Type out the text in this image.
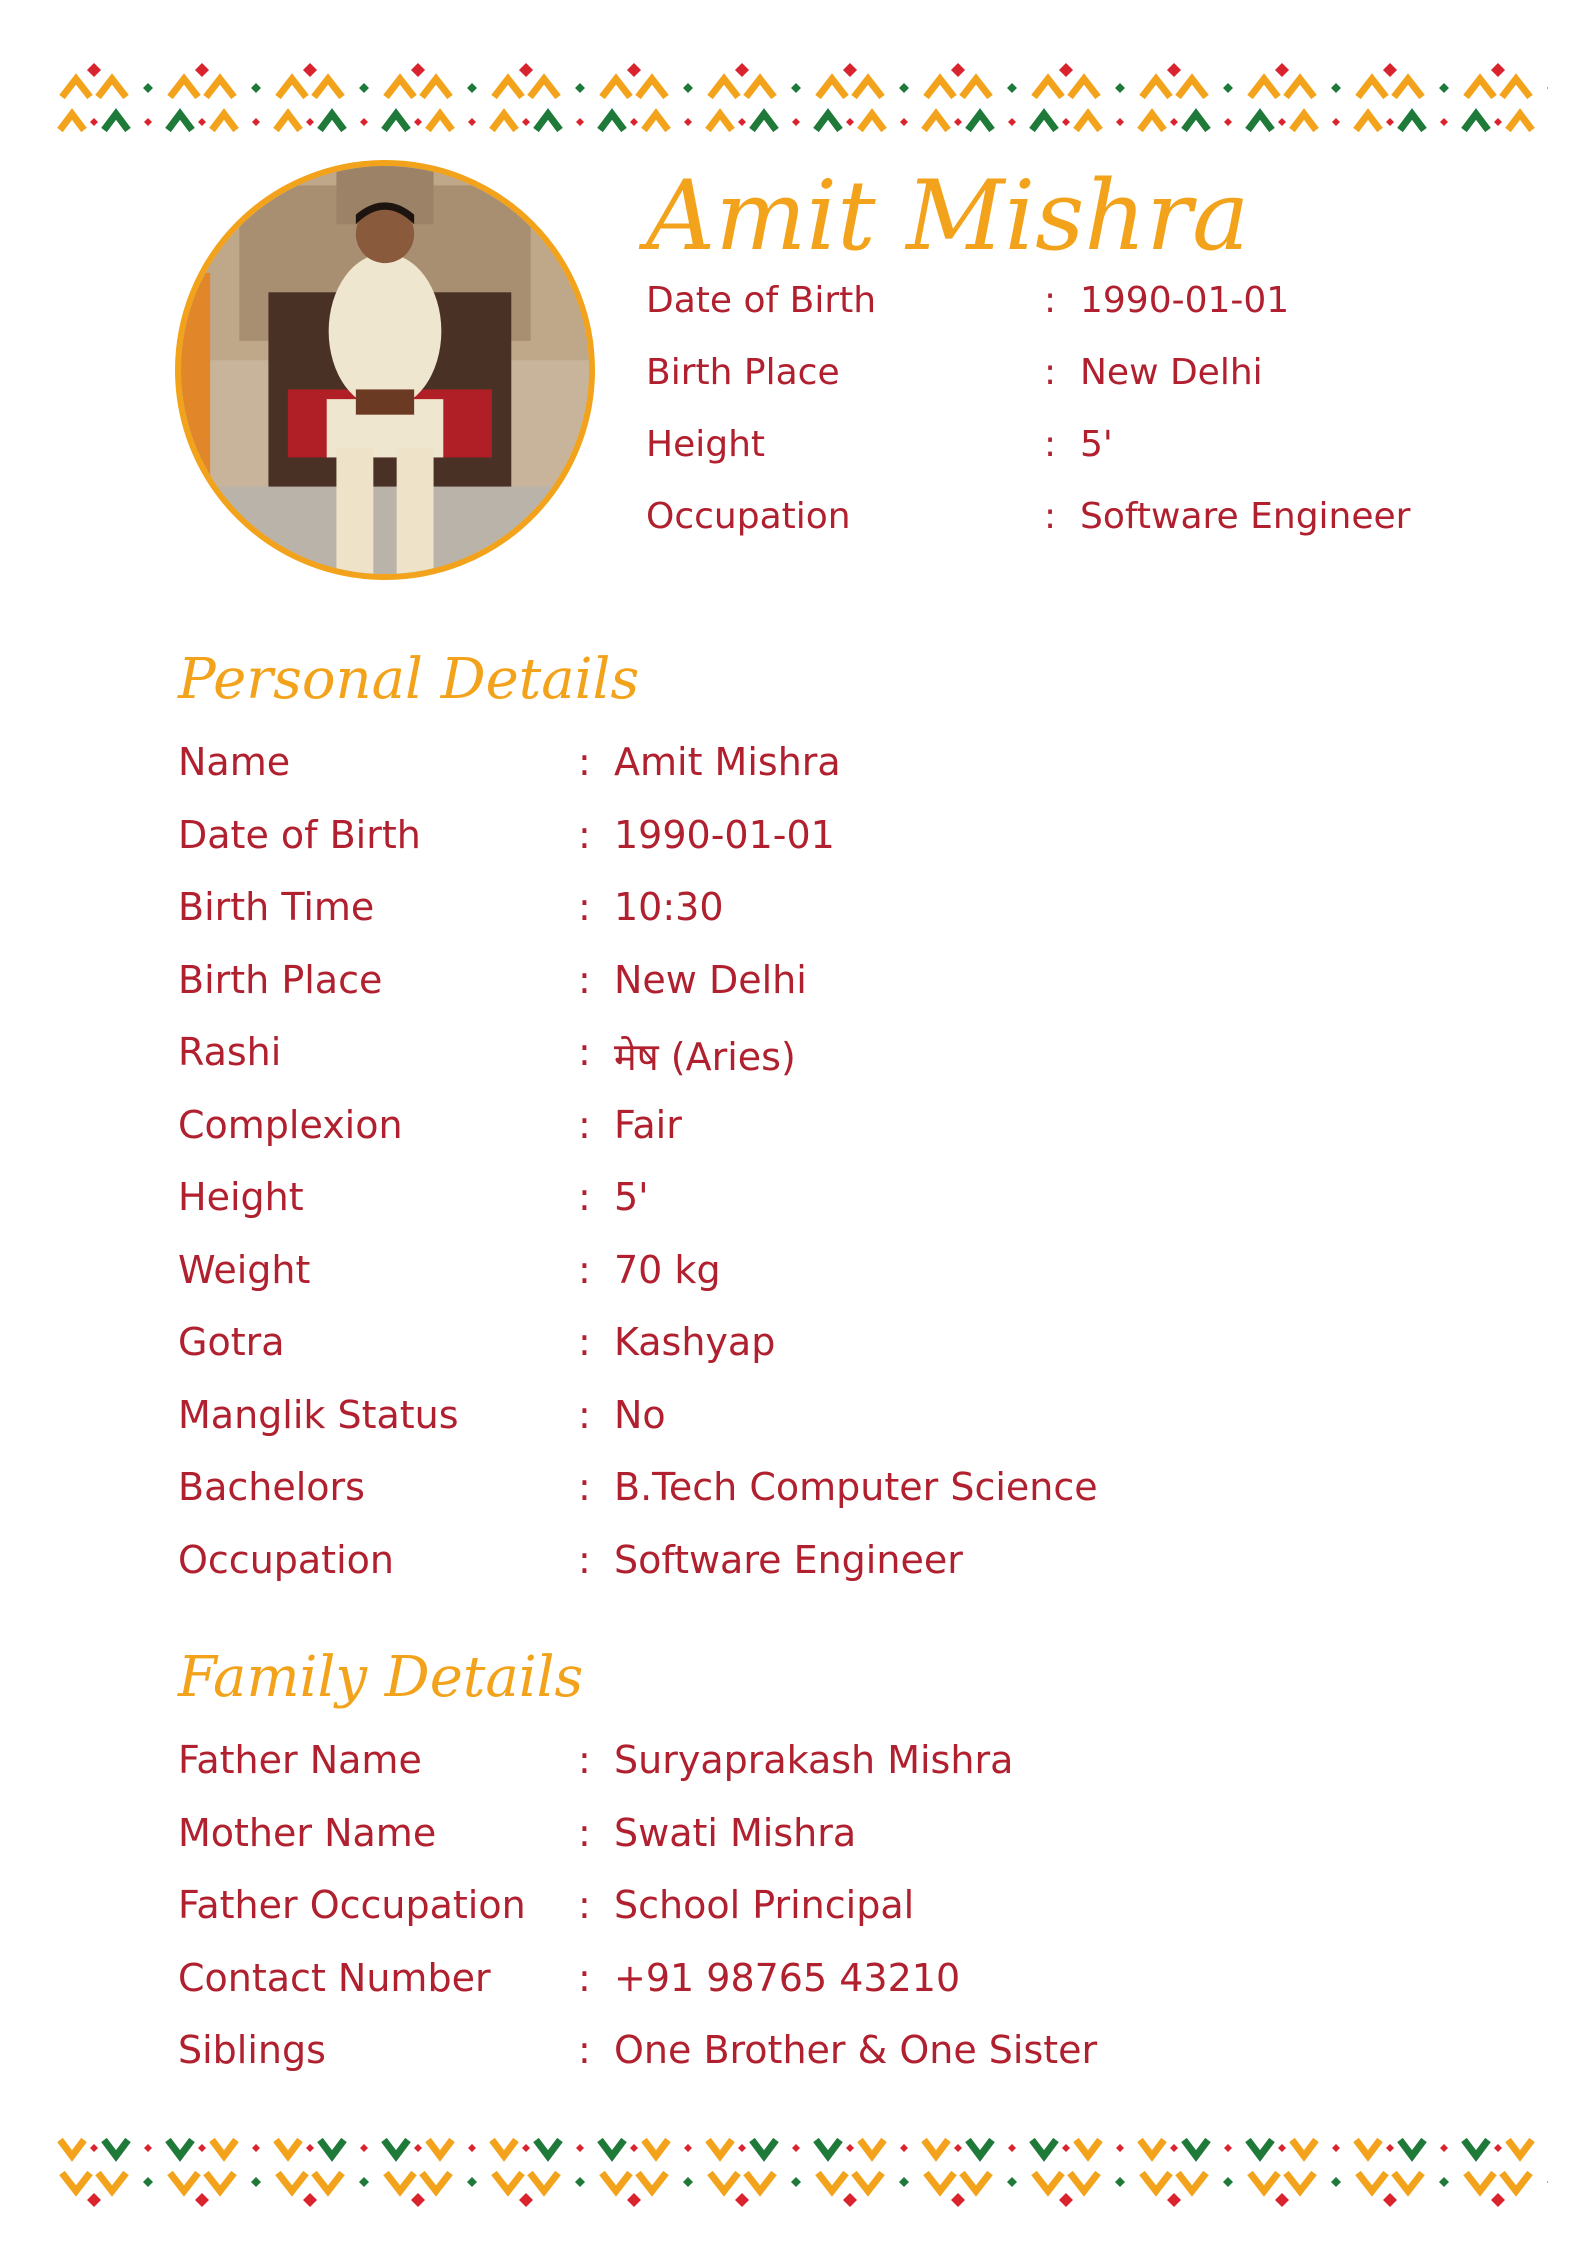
Amit Mishra
Date of Birth	: 1990-01-01
Birth Place	: New Delhi
Height	: 5'
Occupation	: Software Engineer
Personal Details
Name	: Amit Mishra
Date of Birth	: 1990-01-01
Birth Time	: 10:30
Birth Place	: New Delhi
Rashi	: मेष (Aries)
Complexion	: Fair
Height	: 5'
Weight	: 70 kg
Gotra	: Kashyap
Manglik Status	: No
Bachelors	: B.Tech Computer Science
Occupation	: Software Engineer
Family Details
Father Name	: Suryaprakash Mishra
Mother Name	: Swati Mishra
Father Occupation : School Principal
Contact Number : +91 98765 43210
Siblings	: One Brother & One Sister
